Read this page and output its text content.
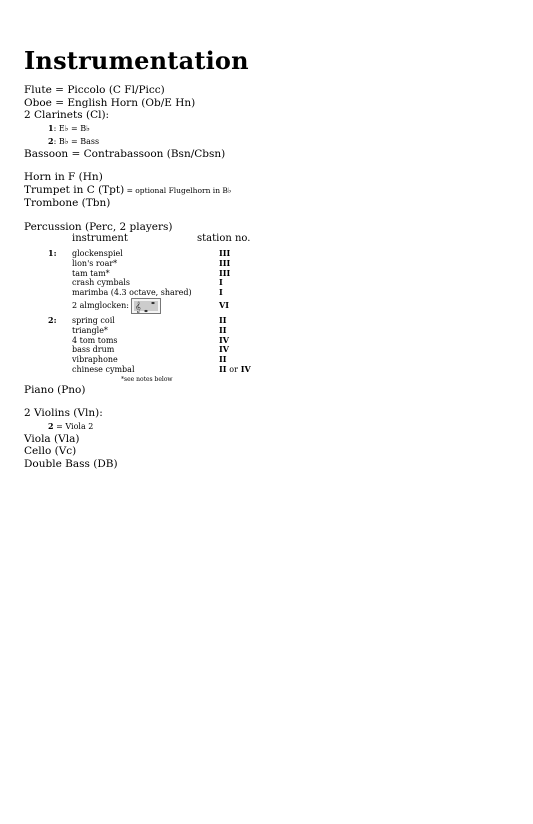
Instrumentation
Flute = Piccolo (C Fl/Picc)
Oboe = English Horn (Ob/E Hn)
2 Clarinets (Cl):
1: E♭ = B♭
2: B♭ = Bass
Bassoon = Contrabassoon (Bsn/Cbsn)
Horn in F (Hn)
Trumpet in C (Tpt) = optional Flugelhorn in B♭
Trombone (Tbn)
Percussion (Perc, 2 players)
instrument	station no.
1: glockenspiel	III
lion's roar*	III
tam tam*	III
crash cymbals	I
marimba (4.3 octave, shared)	I
2 almglocken: 𝄞	VI
2: spring coil	II
triangle*	II
4 tom toms	IV
bass drum	IV
vibraphone	II
chinese cymbal	II or IV
*see notes below
Piano (Pno)
2 Violins (Vln):
2 = Viola 2
Viola (Vla)
Cello (Vc)
Double Bass (DB)
